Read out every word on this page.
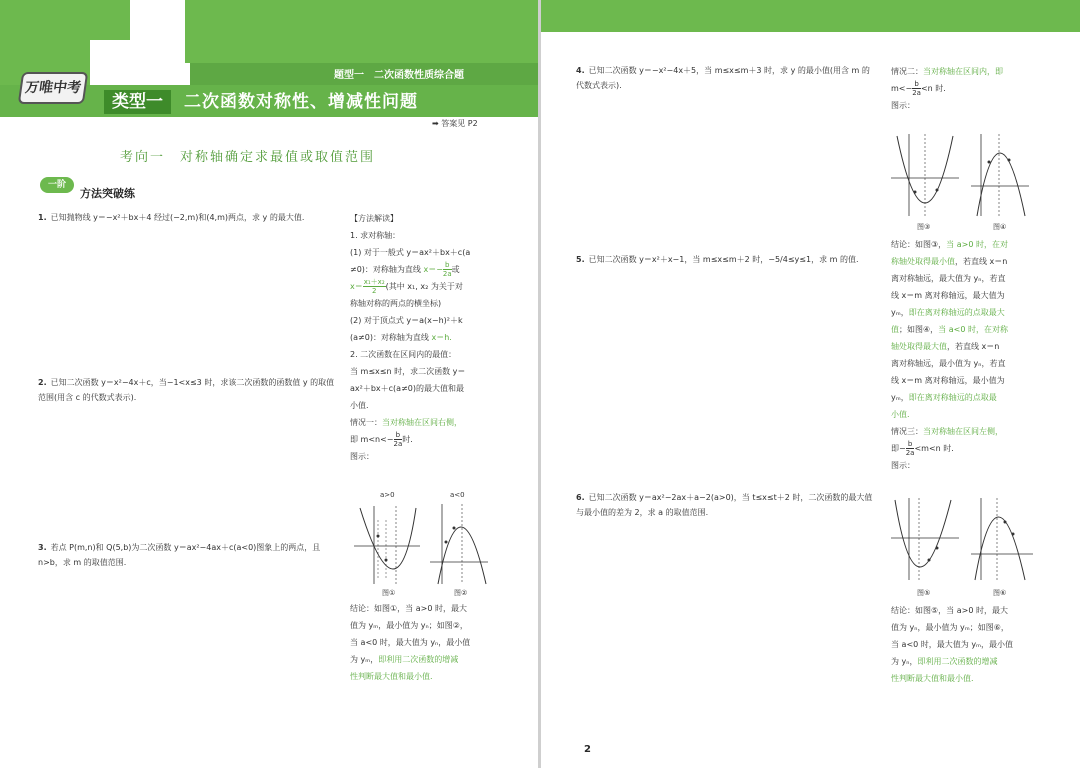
万唯中考
题型一　二次函数性质综合题
类型一	二次函数对称性、增减性问题
➡ 答案见 P2
考向一　对称轴确定求最值或取值范围
一阶
方法突破练
1. 已知抛物线 y＝−x²＋bx＋4 经过(−2,m)和(4,m)两点，求 y 的最大值.
2. 已知二次函数 y＝x²−4x＋c，当−1<x≤3 时，求该二次函数的函数值 y 的取值范围(用含 c 的代数式表示).
3. 若点 P(m,n)和 Q(5,b)为二次函数 y＝ax²−4ax＋c(a<0)图象上的两点，且 n>b，求 m 的取值范围.
【方法解读】
1. 求对称轴：
(1) 对于一般式 y＝ax²＋bx＋c(a
≠0)：对称轴为直线 $x=- \frac{b}{2a}$ 或
$x= \frac{\text{x₁＋x₂}}{2}$ (其中 x₁, x₂ 为关于对
称轴对称的两点的横坐标)
(2) 对于顶点式 y＝a(x−h)²＋k
(a≠0)：对称轴为直线 x＝h.
2. 二次函数在区间内的最值：
当 m≤x≤n 时，求二次函数 y＝
ax²＋bx＋c(a≠0)的最大值和最
小值.
情况一：当对称轴在区间右侧，
即 $m<n<- \frac{b}{2a}$ 时.
图示：
a>0
图①
a<0
图②
结论：如图①，当 a>0 时，最大
值为 yₘ，最小值为 yₙ；如图②，
当 a<0 时，最大值为 yₙ，最小值
为 yₘ，即利用二次函数的增减
性判断最大值和最小值.
4. 已知二次函数 y＝−x²−4x＋5，当 m≤x≤m＋3 时，求 y 的最小值(用含 m 的代数式表示).
5. 已知二次函数 y＝x²＋x−1，当 m≤x≤m＋2 时，−5/4≤y≤1，求 m 的值.
6. 已知二次函数 y＝ax²−2ax＋a−2(a>0)，当 t≤x≤t＋2 时，二次函数的最大值与最小值的差为 2，求 a 的取值范围.
情况二：当对称轴在区间内，即
$m<- \frac{b}{2a} <n$ 时.
图示：
图③	图④
结论：如图③，当 a>0 时，在对
称轴处取得最小值，若直线 x＝n
离对称轴远，最大值为 yₙ，若直
线 x＝m 离对称轴远，最大值为
yₘ，即在离对称轴远的点取最大
值；如图④，当 a<0 时，在对称
轴处取得最大值，若直线 x＝n
离对称轴远，最小值为 yₙ，若直
线 x＝m 离对称轴远，最小值为
yₘ，即在离对称轴远的点取最
小值.
情况三：当对称轴在区间左侧，
即− $\frac{b}{2a} <m<n$ 时.
图示：
图⑤	图⑥
结论：如图⑤，当 a>0 时，最大
值为 yₙ，最小值为 yₘ；如图⑥，
当 a<0 时，最大值为 yₘ，最小值
为 yₙ，即利用二次函数的增减
性判断最大值和最小值.
2
